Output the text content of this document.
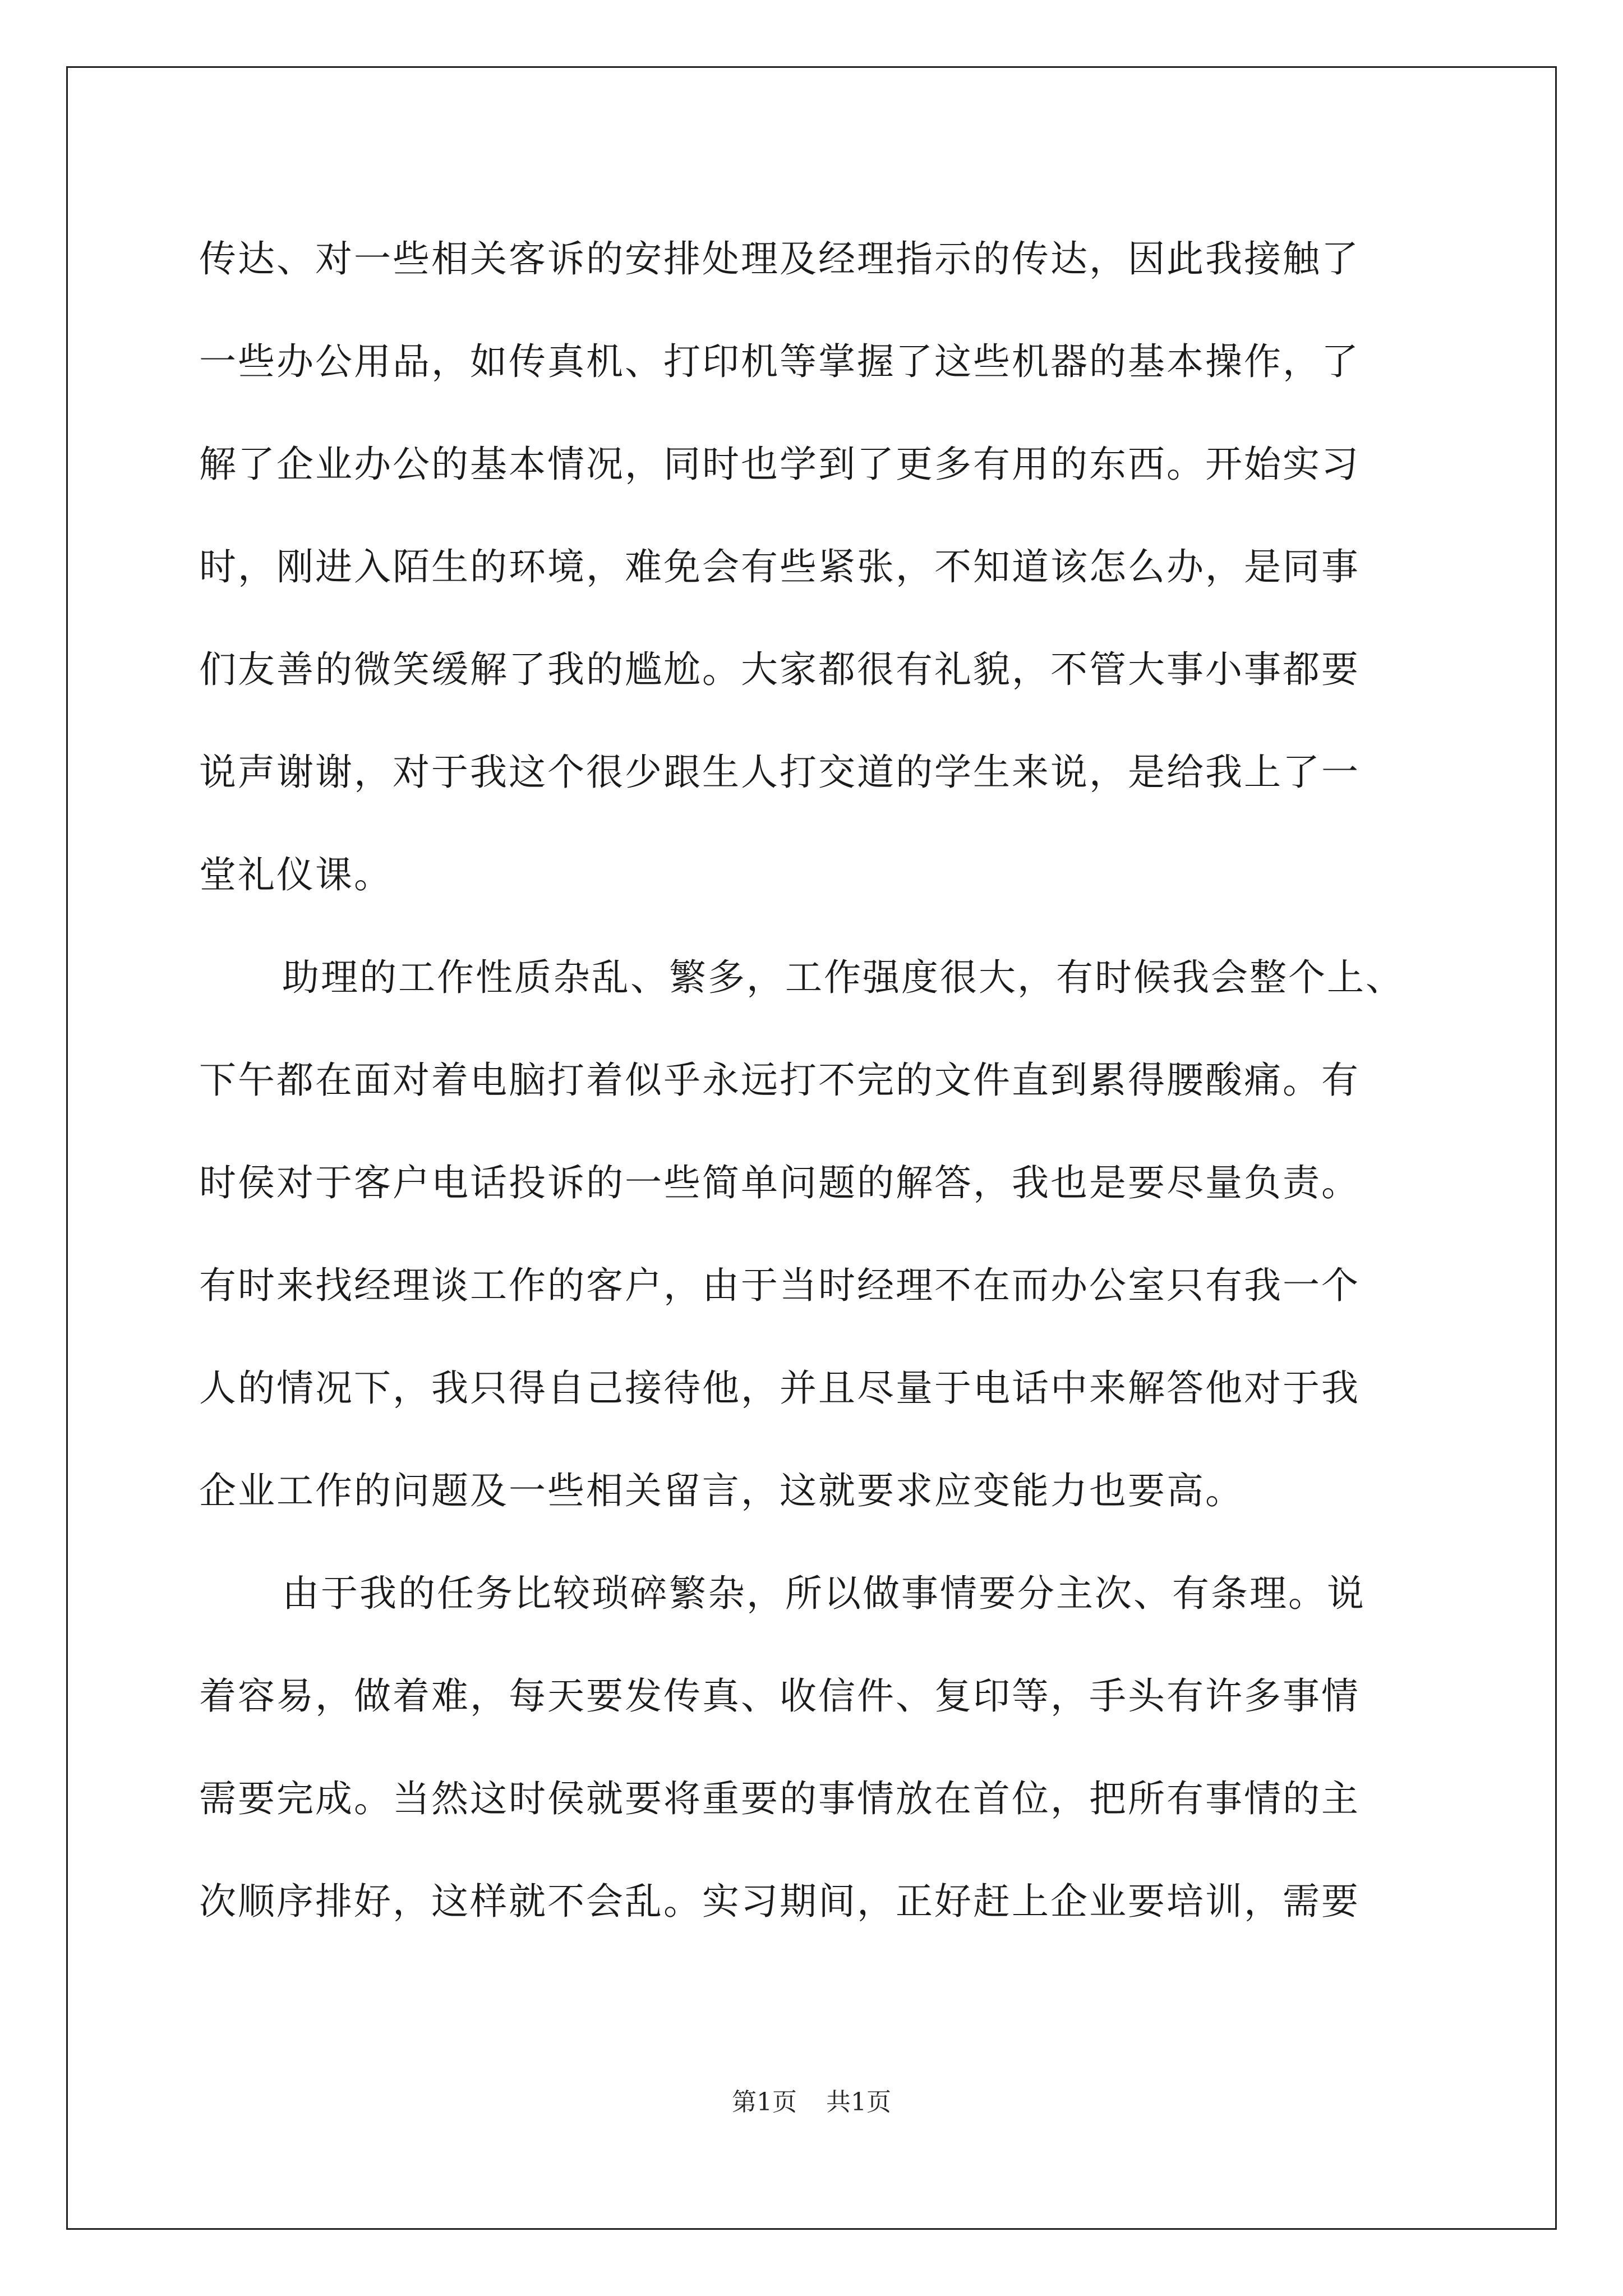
传达、对一些相关客诉的安排处理及经理指示的传达，因此我接触了

一些办公用品，如传真机、打印机等掌握了这些机器的基本操作，了

解了企业办公的基本情况，同时也学到了更多有用的东西。开始实习

时，刚进入陌生的环境，难免会有些紧张，不知道该怎么办，是同事

们友善的微笑缓解了我的尴尬。大家都很有礼貌，不管大事小事都要

说声谢谢，对于我这个很少跟生人打交道的学生来说，是给我上了一

堂礼仪课。

助理的工作性质杂乱、繁多，工作强度很大，有时候我会整个上、

下午都在面对着电脑打着似乎永远打不完的文件直到累得腰酸痛。有

时侯对于客户电话投诉的一些简单问题的解答，我也是要尽量负责。

有时来找经理谈工作的客户，由于当时经理不在而办公室只有我一个

人的情况下，我只得自己接待他，并且尽量于电话中来解答他对于我

企业工作的问题及一些相关留言，这就要求应变能力也要高。

由于我的任务比较琐碎繁杂，所以做事情要分主次、有条理。说

着容易，做着难，每天要发传真、收信件、复印等，手头有许多事情

需要完成。当然这时侯就要将重要的事情放在首位，把所有事情的主

次顺序排好，这样就不会乱。实习期间，正好赶上企业要培训，需要

第1页 共1页
